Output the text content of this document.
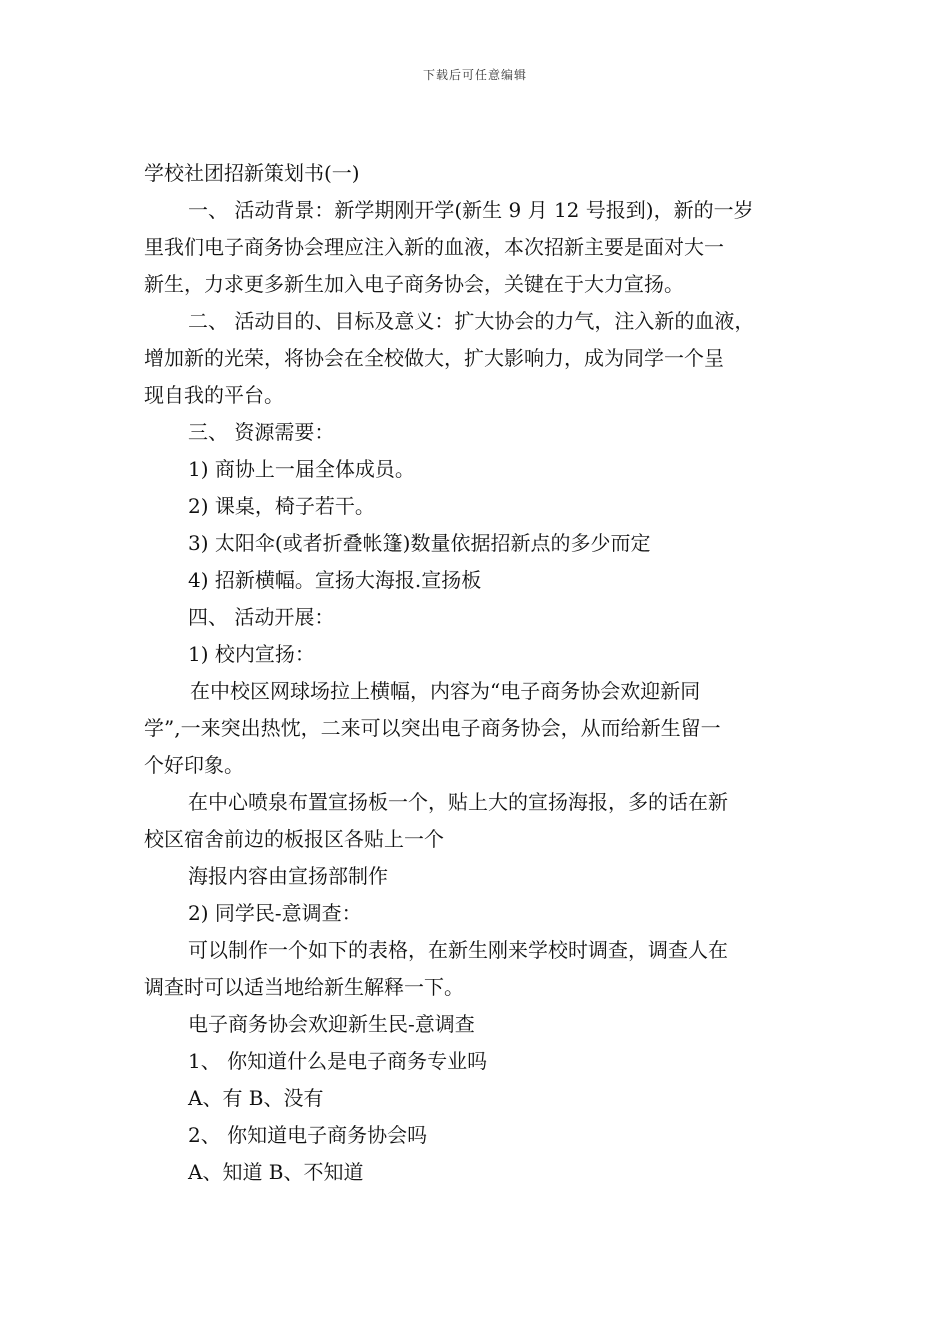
下载后可任意编辑
学校社团招新策划书(一)
一、 活动背景：新学期刚开学(新生 9 月 12 号报到)，新的一岁
里我们电子商务协会理应注入新的血液，本次招新主要是面对大一
新生，力求更多新生加入电子商务协会，关键在于大力宣扬。
二、 活动目的、目标及意义：扩大协会的力气，注入新的血液，
增加新的光荣，将协会在全校做大，扩大影响力，成为同学一个呈
现自我的平台。
三、 资源需要：
1) 商协上一届全体成员。
2) 课桌，椅子若干。
3) 太阳伞(或者折叠帐篷)数量依据招新点的多少而定
4) 招新横幅。宣扬大海报.宣扬板
四、 活动开展：
1) 校内宣扬：
在中校区网球场拉上横幅，内容为“电子商务协会欢迎新同
学”,一来突出热忱，二来可以突出电子商务协会，从而给新生留一
个好印象。
在中心喷泉布置宣扬板一个，贴上大的宣扬海报，多的话在新
校区宿舍前边的板报区各贴上一个
海报内容由宣扬部制作
2) 同学民-意调查：
可以制作一个如下的表格，在新生刚来学校时调查，调查人在
调查时可以适当地给新生解释一下。
电子商务协会欢迎新生民-意调查
1、 你知道什么是电子商务专业吗
A、有 B、没有
2、 你知道电子商务协会吗
A、知道 B、不知道
